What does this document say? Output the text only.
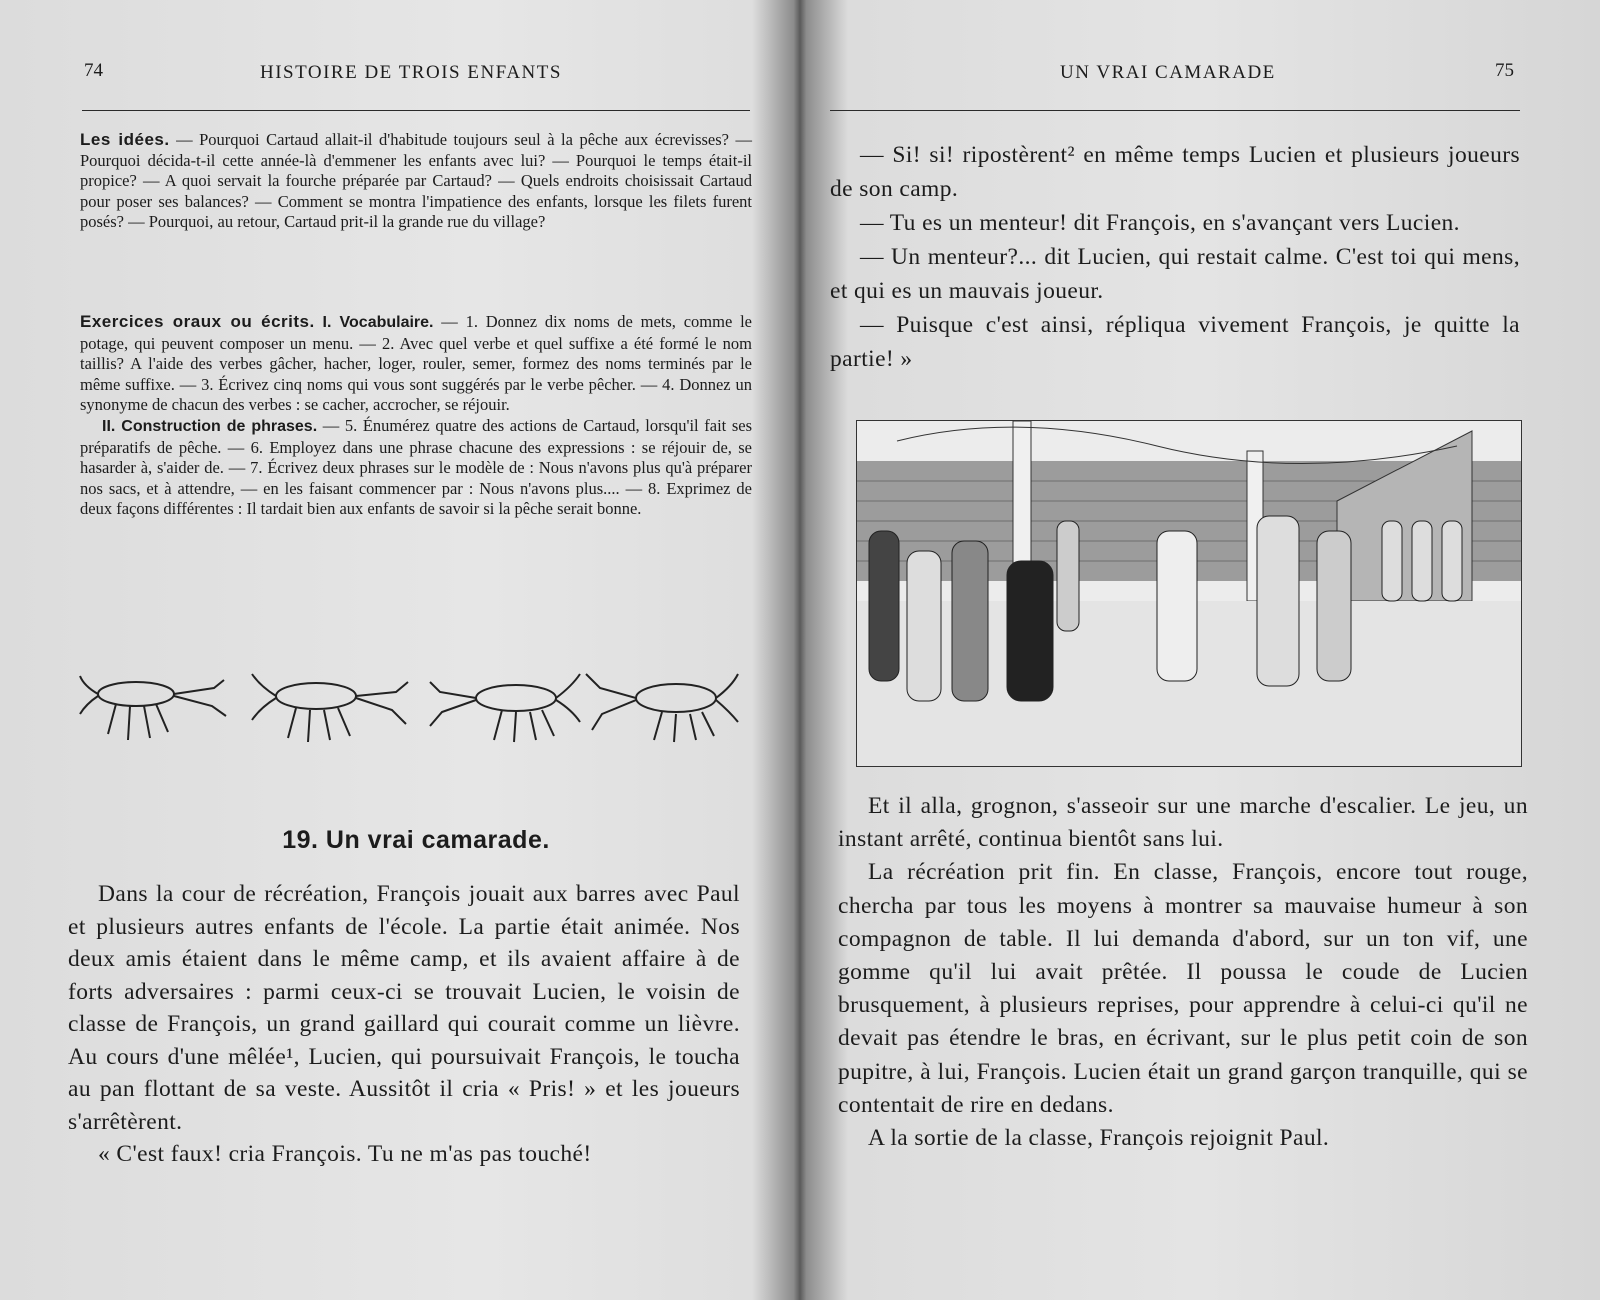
74	HISTOIRE DE TROIS ENFANTS
Les idées. — Pourquoi Cartaud allait-il d'habitude toujours seul à la pêche aux écrevisses? — Pourquoi décida-t-il cette année-là d'emmener les enfants avec lui? — Pourquoi le temps était-il propice? — A quoi servait la fourche préparée par Cartaud? — Quels endroits choisissait Cartaud pour poser ses balances? — Comment se montra l'impatience des enfants, lorsque les filets furent posés? — Pourquoi, au retour, Cartaud prit-il la grande rue du village?
Exercices oraux ou écrits. I. Vocabulaire. — 1. Donnez dix noms de mets, comme le potage, qui peuvent composer un menu. — 2. Avec quel verbe et quel suffixe a été formé le nom taillis? A l'aide des verbes gâcher, hacher, loger, rouler, semer, formez des noms terminés par le même suffixe. — 3. Écrivez cinq noms qui vous sont suggérés par le verbe pêcher. — 4. Donnez un synonyme de chacun des verbes : se cacher, accrocher, se réjouir.
II. Construction de phrases. — 5. Énumérez quatre des actions de Cartaud, lorsqu'il fait ses préparatifs de pêche. — 6. Employez dans une phrase chacune des expressions : se réjouir de, se hasarder à, s'aider de. — 7. Écrivez deux phrases sur le modèle de : Nous n'avons plus qu'à préparer nos sacs, et à attendre, — en les faisant commencer par : Nous n'avons plus.... — 8. Exprimez de deux façons différentes : Il tardait bien aux enfants de savoir si la pêche serait bonne.
19. Un vrai camarade.

Dans la cour de récréation, François jouait aux barres avec Paul et plusieurs autres enfants de l'école. La partie était animée. Nos deux amis étaient dans le même camp, et ils avaient affaire à de forts adversaires : parmi ceux-ci se trouvait Lucien, le voisin de classe de François, un grand gaillard qui courait comme un lièvre. Au cours d'une mêlée¹, Lucien, qui poursuivait François, le toucha au pan flottant de sa veste. Aussitôt il cria « Pris! » et les joueurs s'arrêtèrent.

« C'est faux! cria François. Tu ne m'as pas touché!

UN VRAI CAMARADE	75

— Si! si! ripostèrent² en même temps Lucien et plusieurs joueurs de son camp.

— Tu es un menteur! dit François, en s'avançant vers Lucien.

— Un menteur?... dit Lucien, qui restait calme. C'est toi qui mens, et qui es un mauvais joueur.

— Puisque c'est ainsi, répliqua vivement François, je quitte la partie! »

Et il alla, grognon, s'asseoir sur une marche d'escalier. Le jeu, un instant arrêté, continua bientôt sans lui.

La récréation prit fin. En classe, François, encore tout rouge, chercha par tous les moyens à montrer sa mauvaise humeur à son compagnon de table. Il lui demanda d'abord, sur un ton vif, une gomme qu'il lui avait prêtée. Il poussa le coude de Lucien brusquement, à plusieurs reprises, pour apprendre à celui-ci qu'il ne devait pas étendre le bras, en écrivant, sur le plus petit coin de son pupitre, à lui, François. Lucien était un grand garçon tranquille, qui se contentait de rire en dedans.

A la sortie de la classe, François rejoignit Paul.
